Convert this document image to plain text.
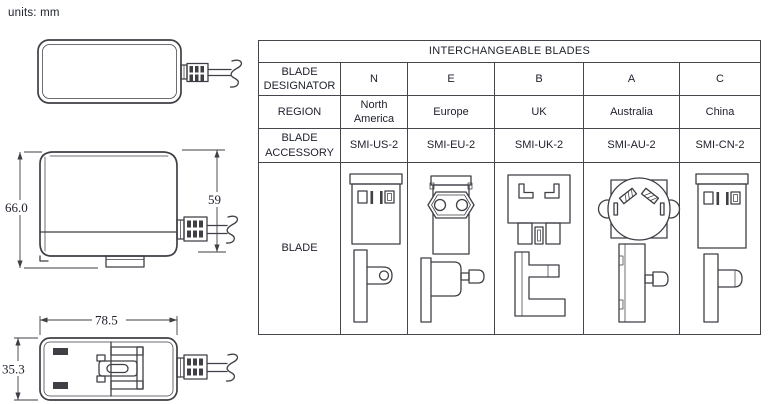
units: mm
66.0
59
78.5
35.3
INTERCHANGEABLE BLADES					
BLADE DESIGNATOR	N	E	B	A	C
REGION	North America	Europe	UK	Australia	China
BLADE ACCESSORY	SMI-US-2	SMI-EU-2	SMI-UK-2	SMI-AU-2	SMI-CN-2
BLADE	
